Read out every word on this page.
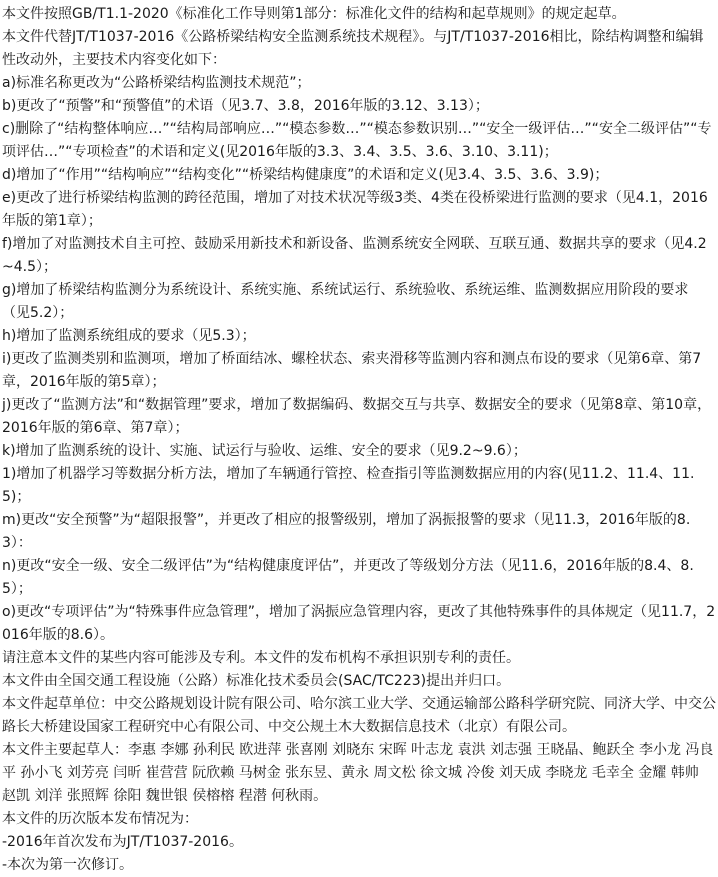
本文件按照GB/T1.1-2020《标准化工作导则第1部分：标准化文件的结构和起草规则》的规定起草。

本文件代替JT/T1037-2016《公路桥梁结构安全监测系统技术规程》。与JT/T1037-2016相比，除结构调整和编辑性改动外，主要技术内容变化如下：

a)标准名称更改为“公路桥梁结构监测技术规范”；

b)更改了“预警”和“预警值”的术语（见3.7、3.8，2016年版的3.12、3.13）；

c)删除了“结构整体响应…”“结构局部响应…”“模态参数…”“模态参数识别…”“安全一级评估…”“安全二级评估”“专项评估…”“专项检查”的术语和定义(见2016年版的3.3、3.4、3.5、3.6、3.10、3.11)；

d)增加了“作用”“结构响应”“结构变化”“桥梁结构健康度”的术语和定义(见3.4、3.5、3.6、3.9)；

e)更改了进行桥梁结构监测的跨径范围，增加了对技术状况等级3类、4类在役桥梁进行监测的要求（见4.1，2016年版的第1章）；

f)增加了对监测技术自主可控、鼓励采用新技术和新设备、监测系统安全网联、互联互通、数据共享的要求（见4.2~4.5）；

g)增加了桥梁结构监测分为系统设计、系统实施、系统试运行、系统验收、系统运维、监测数据应用阶段的要求（见5.2）；

h)增加了监测系统组成的要求（见5.3）；

i)更改了监测类别和监测项，增加了桥面结冰、螺栓状态、索夹滑移等监测内容和测点布设的要求（见第6章、第7章，2016年版的第5章）；

j)更改了“监测方法”和“数据管理”要求，增加了数据编码、数据交互与共享、数据安全的要求（见第8章、第10章，2016年版的第6章、第7章）；

k)增加了监测系统的设计、实施、试运行与验收、运维、安全的要求（见9.2~9.6）；

1)增加了机器学习等数据分析方法，增加了车辆通行管控、检查指引等监测数据应用的内容(见11.2、11.4、11.5)；

m)更改“安全预警”为“超限报警”，并更改了相应的报警级别，增加了涡振报警的要求（见11.3，2016年版的8.3）：

n)更改“安全一级、安全二级评估”为“结构健康度评估”，并更改了等级划分方法（见11.6，2016年版的8.4、8.5）；

o)更改“专项评估”为“特殊事件应急管理”，增加了涡振应急管理内容，更改了其他特殊事件的具体规定（见11.7，2016年版的8.6）。

请注意本文件的某些内容可能涉及专利。本文件的发布机构不承担识别专利的责任。

本文件由全国交通工程设施（公路）标准化技术委员会(SAC/TC223)提出并归口。

本文件起草单位：中交公路规划设计院有限公司、哈尔滨工业大学、交通运输部公路科学研究院、同济大学、中交公路长大桥建设国家工程研究中心有限公司、中交公规土木大数据信息技术（北京）有限公司。

本文件主要起草人：李惠 李娜 孙利民 欧进萍 张喜刚 刘晓东 宋晖 叶志龙 袁洪 刘志强 王晓晶、鲍跃全 李小龙 冯良平 孙小飞 刘芳亮 闫昕 崔营营 阮欣赖 马树金 张东昱、黄永 周文松 徐文城 冷俊 刘天成 李晓龙 毛幸全 金耀 韩帅 赵凯 刘洋 张照辉 徐阳 魏世银 侯榕榕 程潜 何秋雨。

本文件的历次版本发布情况为：

-2016年首次发布为JT/T1037-2016。

-本次为第一次修订。
